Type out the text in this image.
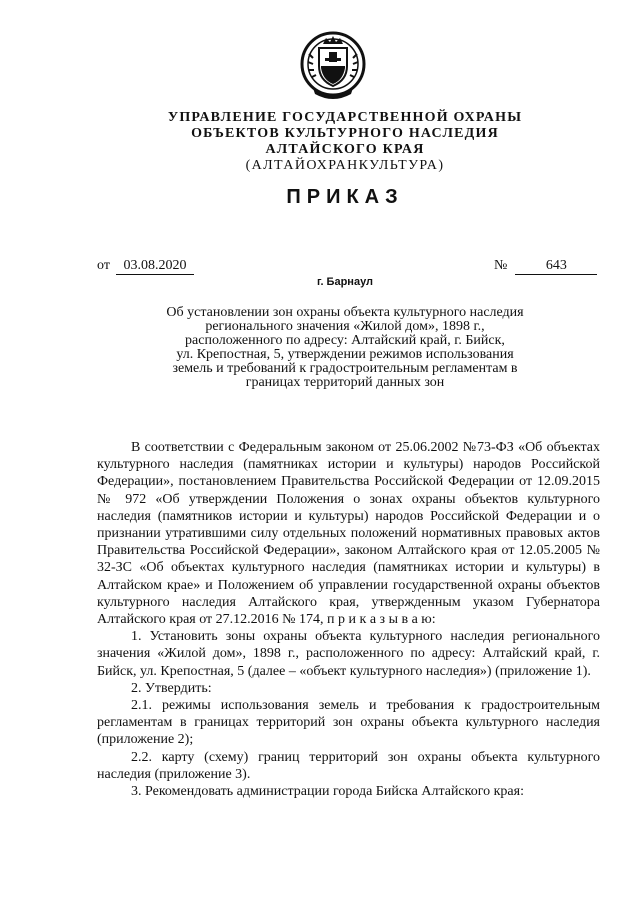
УПРАВЛЕНИЕ ГОСУДАРСТВЕННОЙ ОХРАНЫ
ОБЪЕКТОВ КУЛЬТУРНОГО НАСЛЕДИЯ
АЛТАЙСКОГО КРАЯ
(АЛТАЙОХРАНКУЛЬТУРА)
ПРИКАЗ
от 03.08.2020	№	643
г. Барнаул
Об установлении зон охраны объекта культурного наследия
регионального значения «Жилой дом», 1898 г.,
расположенного по адресу: Алтайский край, г. Бийск,
ул. Крепостная, 5, утверждении режимов использования
земель и требований к градостроительным регламентам в
границах территорий данных зон

В соответствии с Федеральным законом от 25.06.2002 №73-ФЗ «Об объектах культурного наследия (памятниках истории и культуры) народов Российской Федерации», постановлением Правительства Российской Федерации от 12.09.2015 № 972 «Об утверждении Положения о зонах охраны объектов культурного наследия (памятников истории и культуры) народов Российской Федерации и о признании утратившими силу отдельных положений нормативных правовых актов Правительства Российской Федерации», законом Алтайского края от 12.05.2005 № 32-ЗС «Об объектах культурного наследия (памятниках истории и культуры) в Алтайском крае» и Положением об управлении государственной охраны объектов культурного наследия Алтайского края, утвержденным указом Губернатора Алтайского края от 27.12.2016 № 174, п р и к а з ы в а ю:

1. Установить зоны охраны объекта культурного наследия регионального значения «Жилой дом», 1898 г., расположенного по адресу: Алтайский край, г. Бийск, ул. Крепостная, 5 (далее – «объект культурного наследия») (приложение 1).

2. Утвердить:

2.1. режимы использования земель и требования к градостроительным регламентам в границах территорий зон охраны объекта культурного наследия (приложение 2);

2.2. карту (схему) границ территорий зон охраны объекта культурного наследия (приложение 3).

3. Рекомендовать администрации города Бийска Алтайского края:
